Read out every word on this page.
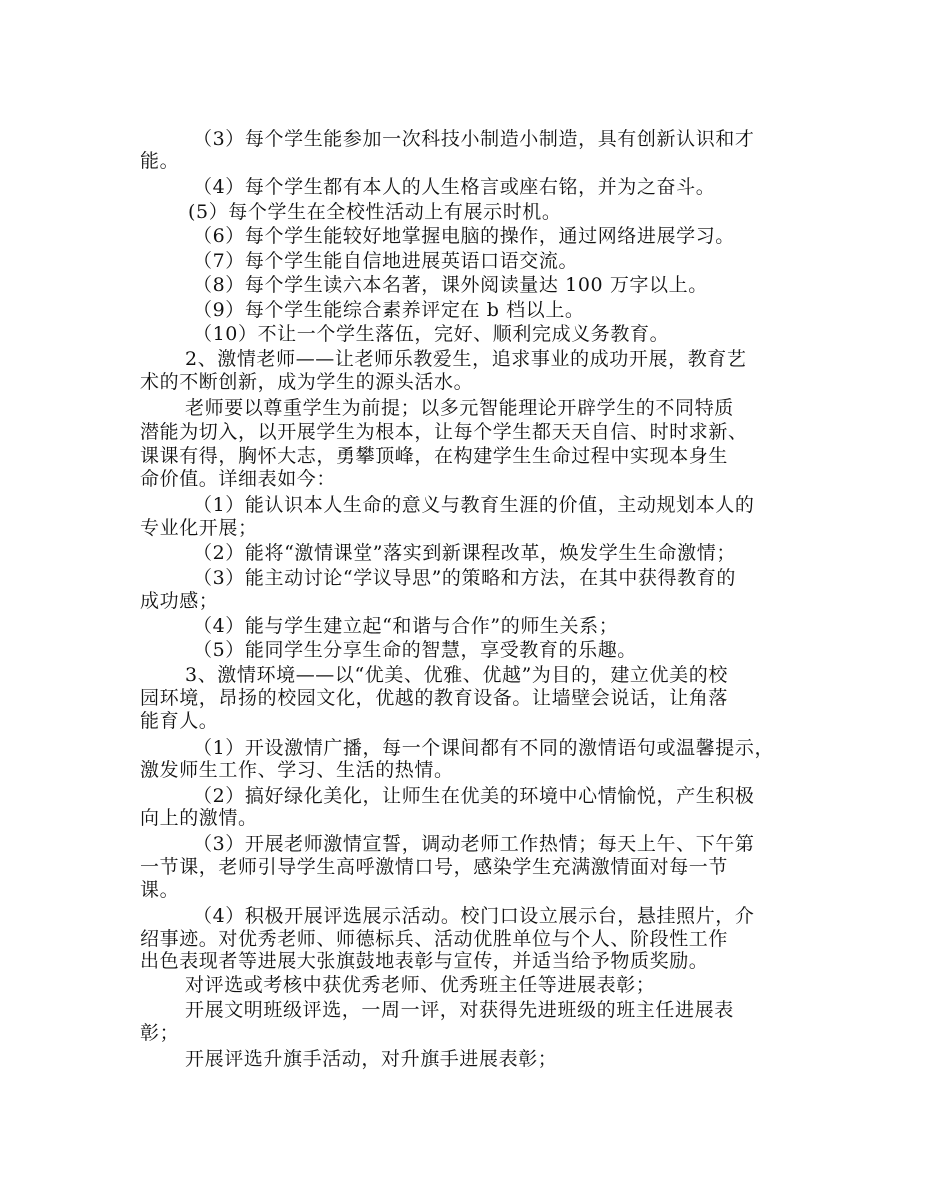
（3）每个学生能参加一次科技小制造小制造，具有创新认识和才

能。

（4）每个学生都有本人的人生格言或座右铭，并为之奋斗。

(5）每个学生在全校性活动上有展示时机。

（6）每个学生能较好地掌握电脑的操作，通过网络进展学习。

（7）每个学生能自信地进展英语口语交流。

（8）每个学生读六本名著，课外阅读量达 100 万字以上。

（9）每个学生能综合素养评定在 b 档以上。

（10）不让一个学生落伍，完好、顺利完成义务教育。

2、激情老师——让老师乐教爱生，追求事业的成功开展，教育艺

术的不断创新，成为学生的源头活水。

老师要以尊重学生为前提；以多元智能理论开辟学生的不同特质

潜能为切入，以开展学生为根本，让每个学生都天天自信、时时求新、

课课有得，胸怀大志，勇攀顶峰，在构建学生生命过程中实现本身生

命价值。详细表如今：

（1）能认识本人生命的意义与教育生涯的价值，主动规划本人的

专业化开展；

（2）能将“激情课堂”落实到新课程改革，焕发学生生命激情；

（3）能主动讨论“学议导思”的策略和方法，在其中获得教育的

成功感；

（4）能与学生建立起“和谐与合作”的师生关系；

（5）能同学生分享生命的智慧，享受教育的乐趣。

3、激情环境——以“优美、优雅、优越”为目的，建立优美的校

园环境，昂扬的校园文化，优越的教育设备。让墙壁会说话，让角落

能育人。

（1）开设激情广播，每一个课间都有不同的激情语句或温馨提示，

激发师生工作、学习、生活的热情。

（2）搞好绿化美化，让师生在优美的环境中心情愉悦，产生积极

向上的激情。

（3）开展老师激情宣誓，调动老师工作热情；每天上午、下午第

一节课，老师引导学生高呼激情口号，感染学生充满激情面对每一节

课。

（4）积极开展评选展示活动。校门口设立展示台，悬挂照片，介

绍事迹。对优秀老师、师德标兵、活动优胜单位与个人、阶段性工作

出色表现者等进展大张旗鼓地表彰与宣传，并适当给予物质奖励。

对评选或考核中获优秀老师、优秀班主任等进展表彰；

开展文明班级评选，一周一评，对获得先进班级的班主任进展表

彰；

开展评选升旗手活动，对升旗手进展表彰；
